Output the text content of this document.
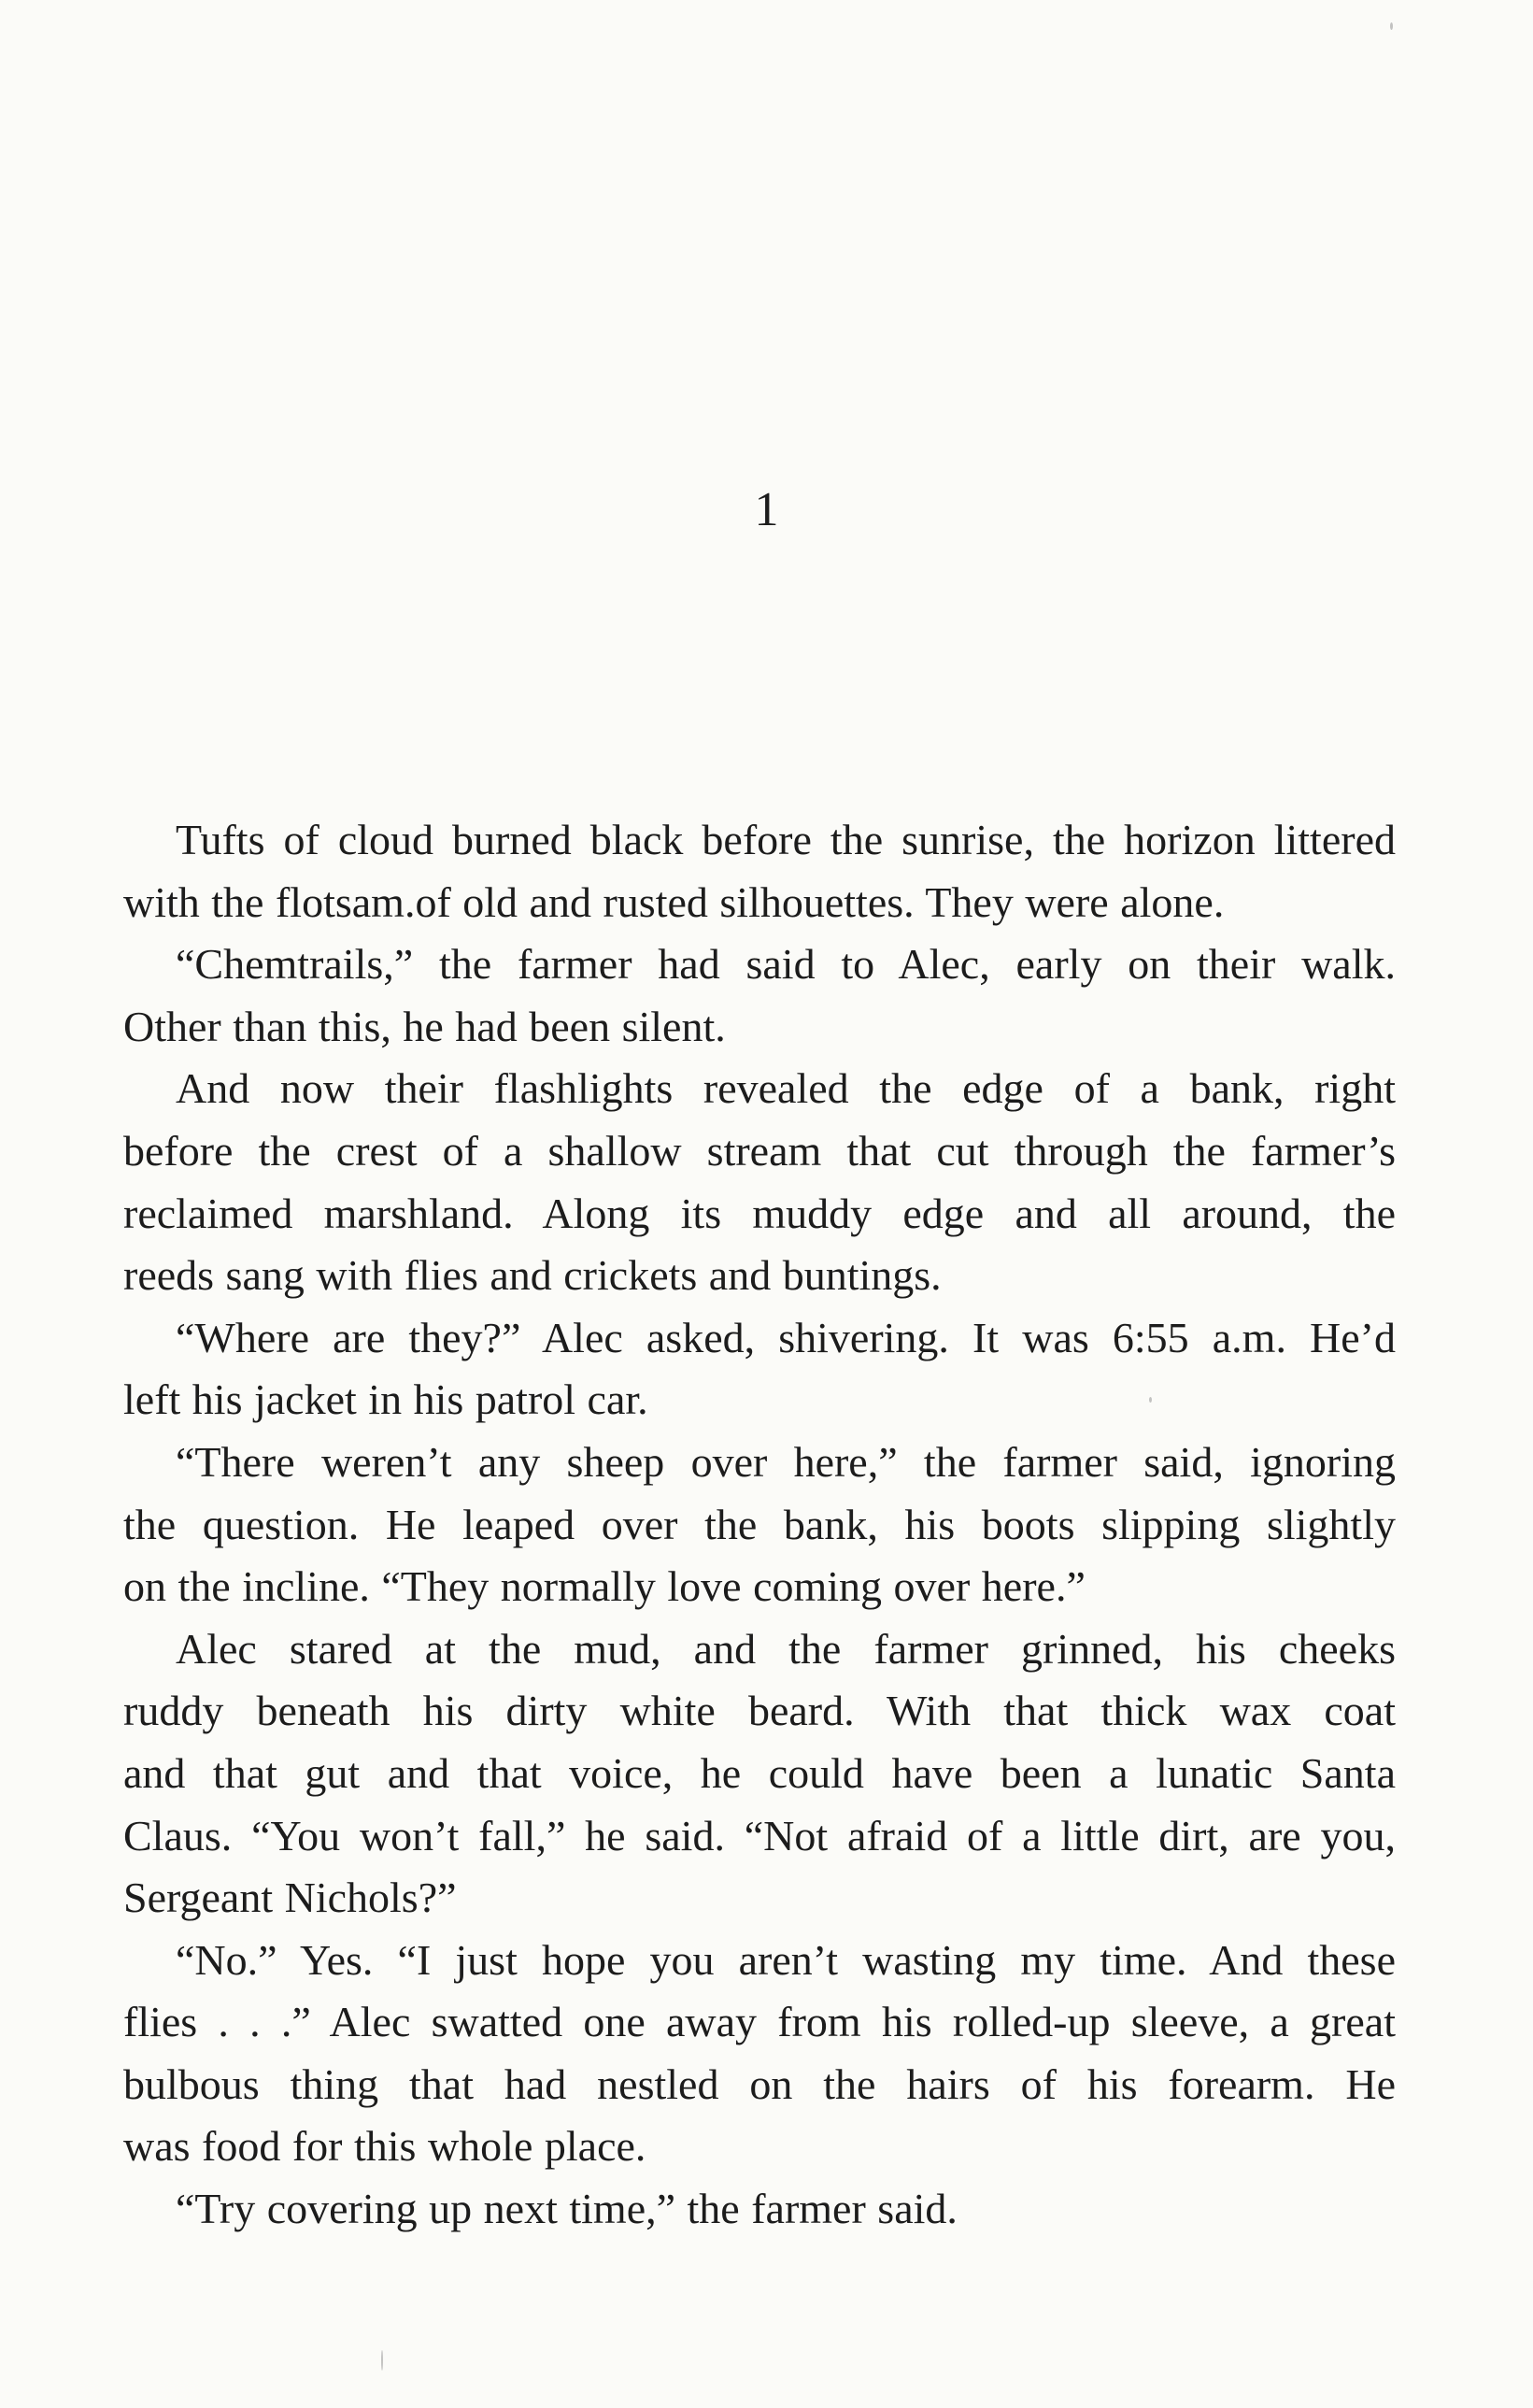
1
Tufts of cloud burned black before the sunrise, the horizon littered
with the flotsam.of old and rusted silhouettes. They were alone.
“Chemtrails,” the farmer had said to Alec, early on their walk.
Other than this, he had been silent.
And now their flashlights revealed the edge of a bank, right
before the crest of a shallow stream that cut through the farmer’s
reclaimed marshland. Along its muddy edge and all around, the
reeds sang with flies and crickets and buntings.
“Where are they?” Alec asked, shivering. It was 6:55 a.m. He’d
left his jacket in his patrol car.
“There weren’t any sheep over here,” the farmer said, ignoring
the question. He leaped over the bank, his boots slipping slightly
on the incline. “They normally love coming over here.”
Alec stared at the mud, and the farmer grinned, his cheeks
ruddy beneath his dirty white beard. With that thick wax coat
and that gut and that voice, he could have been a lunatic Santa
Claus. “You won’t fall,” he said. “Not afraid of a little dirt, are you,
Sergeant Nichols?”
“No.” Yes. “I just hope you aren’t wasting my time. And these
flies . . .” Alec swatted one away from his rolled-up sleeve, a great
bulbous thing that had nestled on the hairs of his forearm. He
was food for this whole place.
“Try covering up next time,” the farmer said.
